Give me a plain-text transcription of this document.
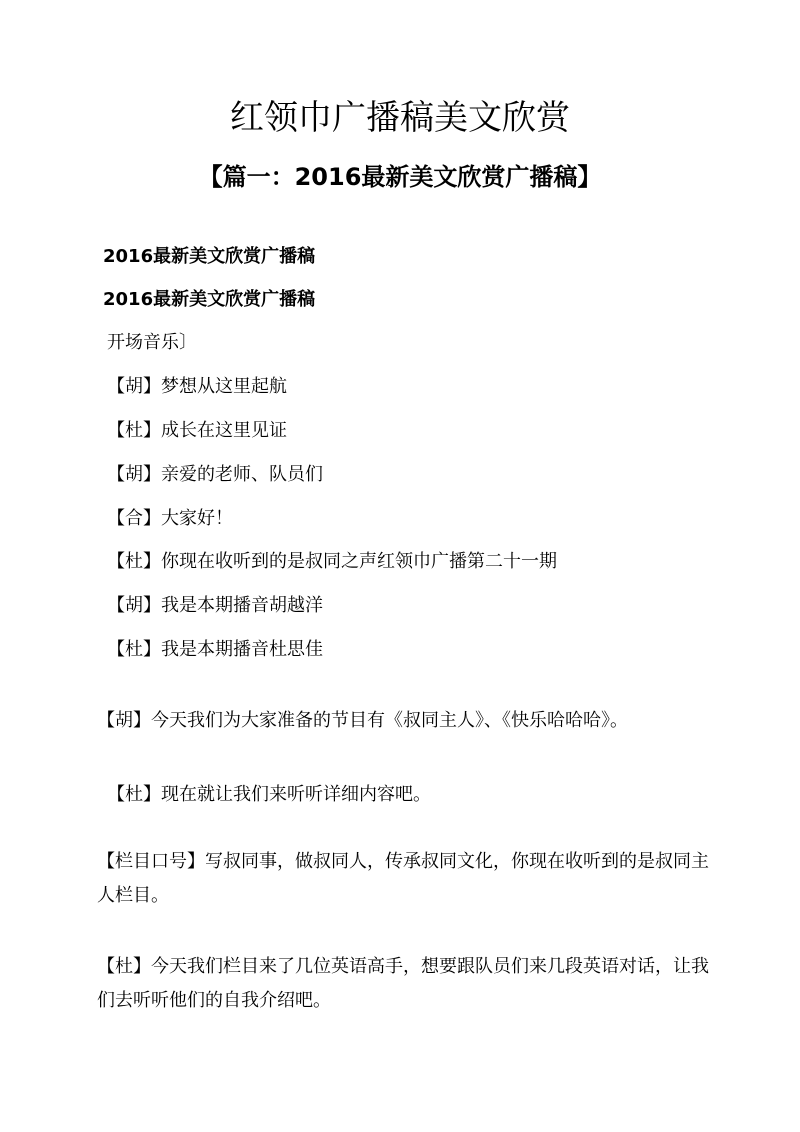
红领巾广播稿美文欣赏
【篇一：2016最新美文欣赏广播稿】

2016最新美文欣赏广播稿

2016最新美文欣赏广播稿

开场音乐〕

【胡】梦想从这里起航

【杜】成长在这里见证

【胡】亲爱的老师、队员们

【合】大家好！

【杜】你现在收听到的是叔同之声红领巾广播第二十一期

【胡】我是本期播音胡越洋

【杜】我是本期播音杜思佳

【胡】今天我们为大家准备的节目有《叔同主人》、《快乐哈哈哈》。

【杜】现在就让我们来听听详细内容吧。

【栏目口号】写叔同事，做叔同人，传承叔同文化，你现在收听到的是叔同主人栏目。

【杜】今天我们栏目来了几位英语高手，想要跟队员们来几段英语对话，让我们去听听他们的自我介绍吧。
